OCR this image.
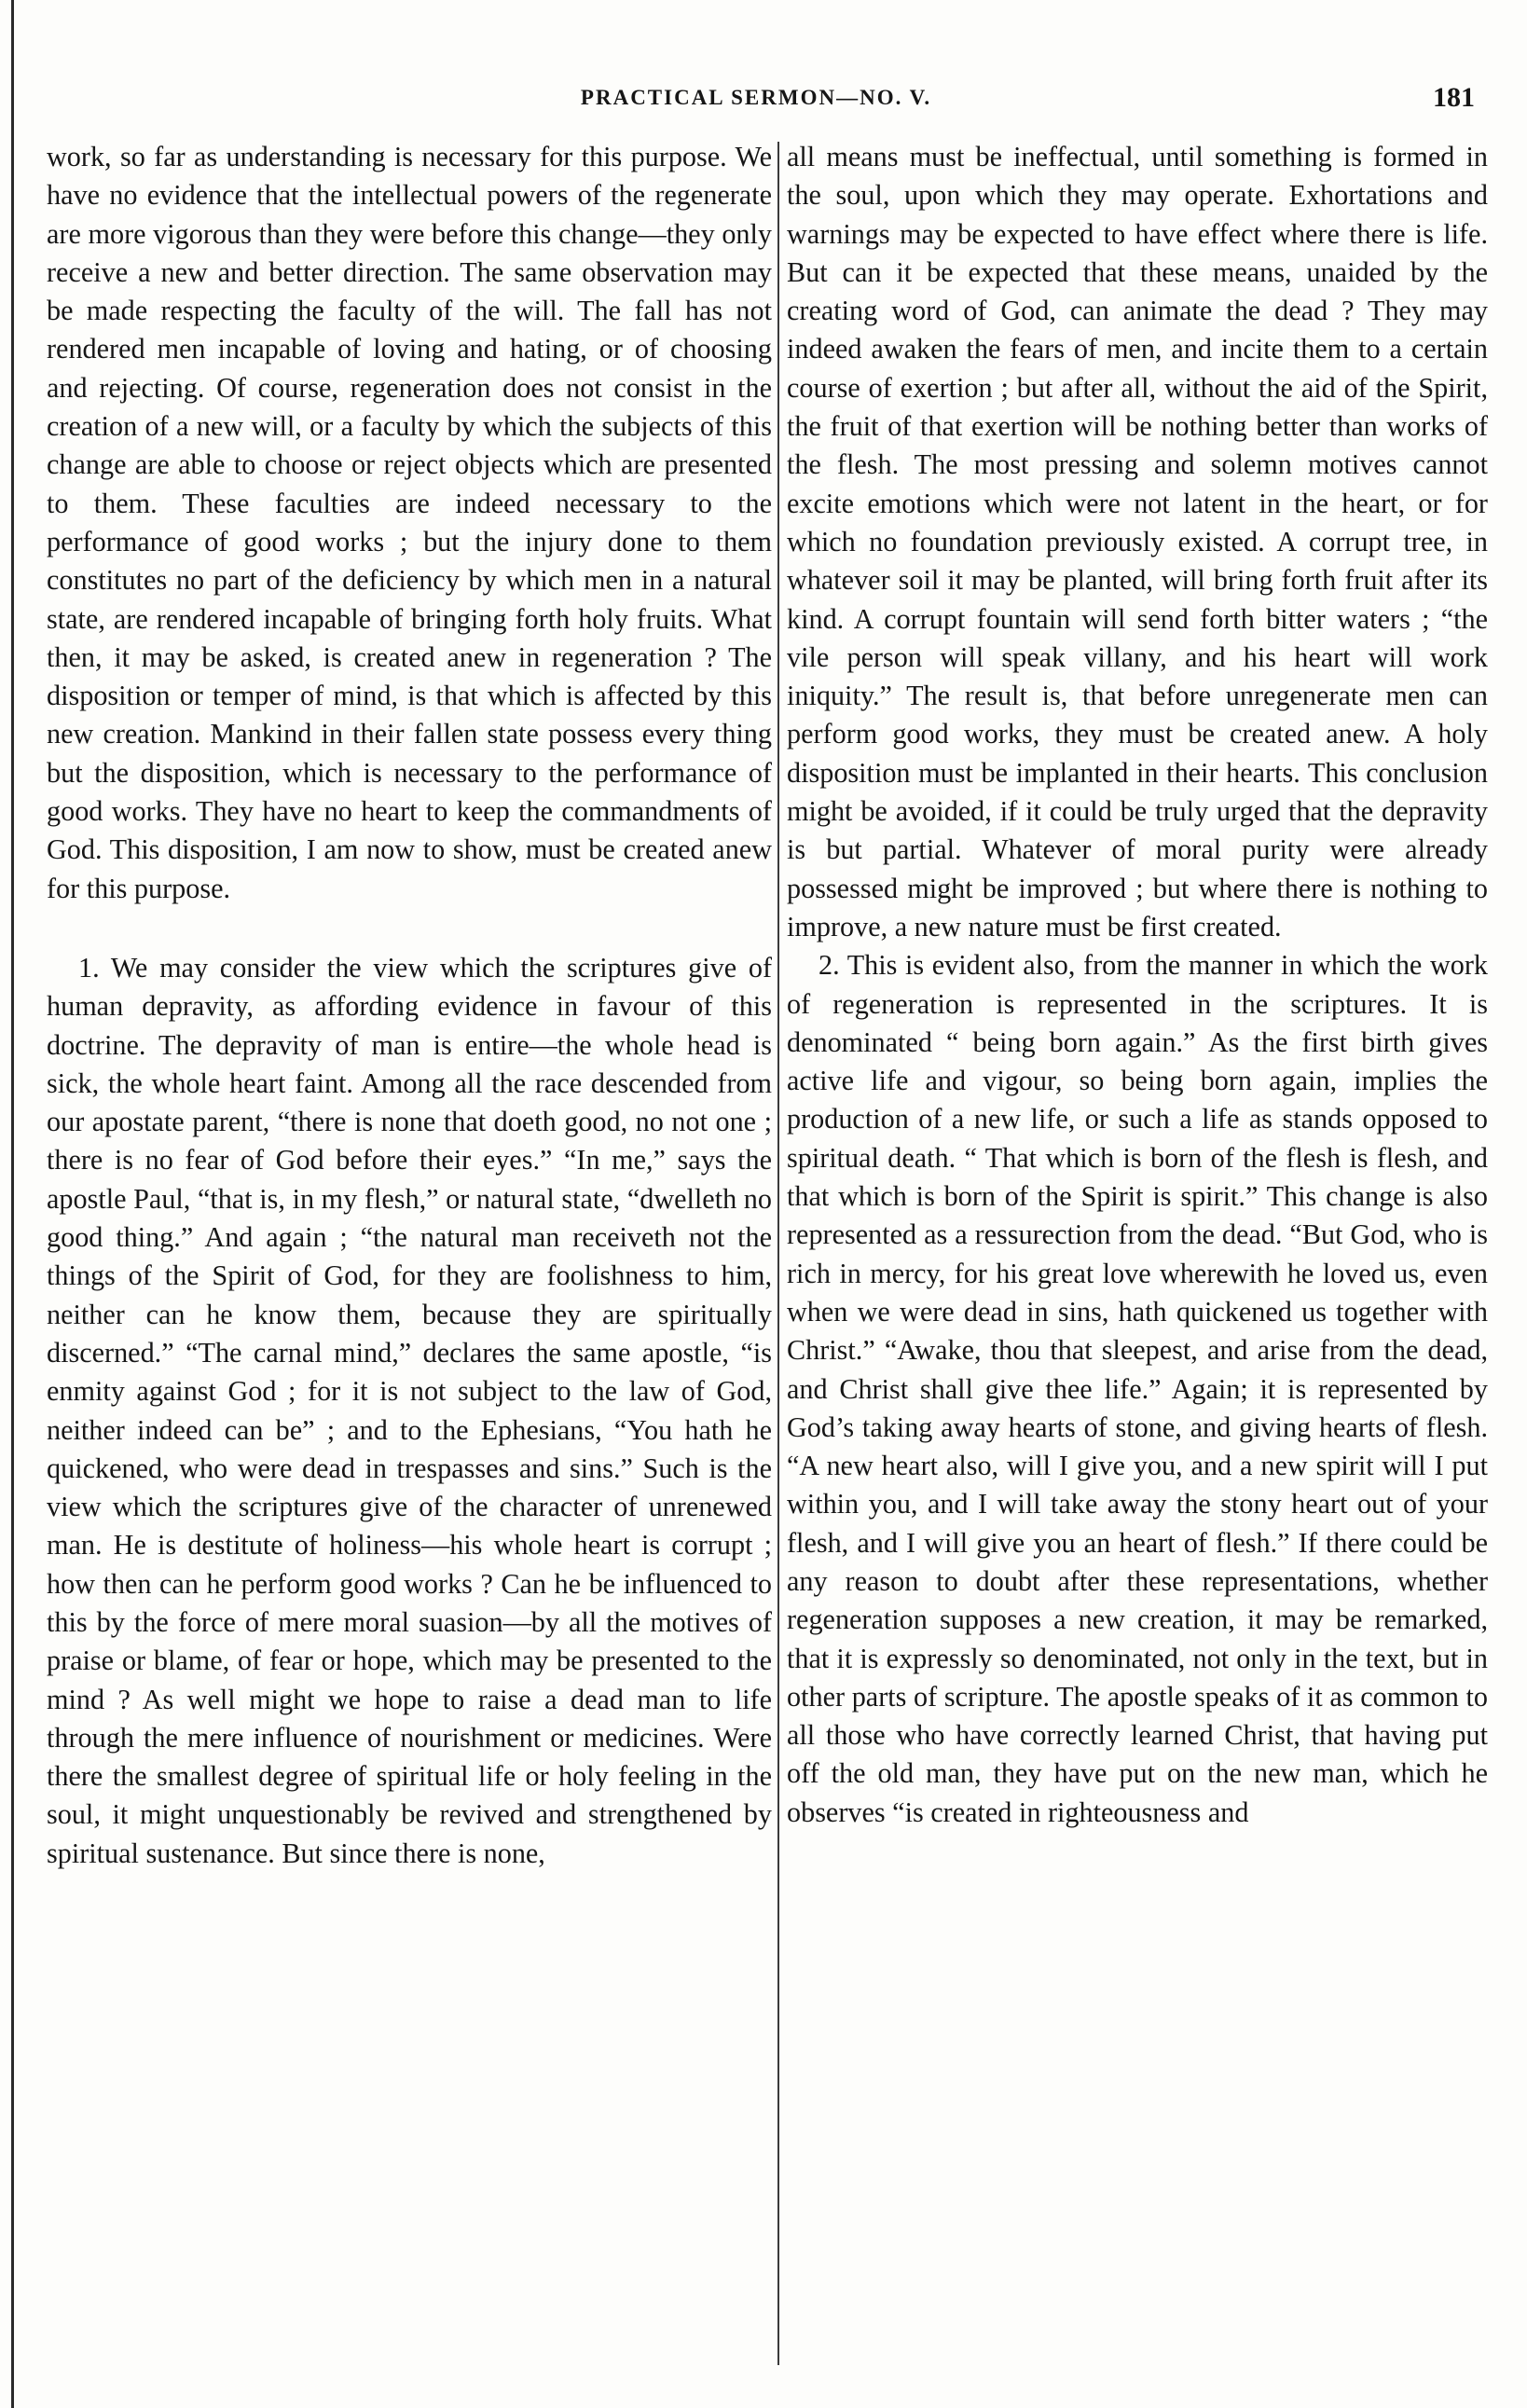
PRACTICAL SERMON—NO. V.	181

work, so far as understanding is necessary for this purpose. We have no evidence that the intellectual powers of the regenerate are more vigorous than they were before this change—they only receive a new and better direction. The same observation may be made respecting the faculty of the will. The fall has not rendered men incapable of loving and hating, or of choosing and rejecting. Of course, regeneration does not consist in the creation of a new will, or a faculty by which the subjects of this change are able to choose or reject objects which are presented to them. These faculties are indeed necessary to the performance of good works ; but the injury done to them constitutes no part of the deficiency by which men in a natural state, are rendered incapable of bringing forth holy fruits. What then, it may be asked, is created anew in regeneration ? The disposition or temper of mind, is that which is affected by this new creation. Mankind in their fallen state possess every thing but the disposition, which is necessary to the performance of good works. They have no heart to keep the commandments of God. This disposition, I am now to show, must be created anew for this purpose.

1. We may consider the view which the scriptures give of human depravity, as affording evidence in favour of this doctrine. The depravity of man is entire—the whole head is sick, the whole heart faint. Among all the race descended from our apostate parent, “there is none that doeth good, no not one ; there is no fear of God before their eyes.” “In me,” says the apostle Paul, “that is, in my flesh,” or natural state, “dwelleth no good thing.” And again ; “the natural man receiveth not the things of the Spirit of God, for they are foolishness to him, neither can he know them, because they are spiritually discerned.” “The carnal mind,” declares the same apostle, “is enmity against God ; for it is not subject to the law of God, neither indeed can be” ; and to the Ephesians, “You hath he quickened, who were dead in trespasses and sins.” Such is the view which the scriptures give of the character of unrenewed man. He is destitute of holiness—his whole heart is corrupt ; how then can he perform good works ? Can he be influenced to this by the force of mere moral suasion—by all the motives of praise or blame, of fear or hope, which may be presented to the mind ? As well might we hope to raise a dead man to life through the mere influence of nourishment or medicines. Were there the smallest degree of spiritual life or holy feeling in the soul, it might unquestionably be revived and strengthened by spiritual sustenance. But since there is none,

all means must be ineffectual, until something is formed in the soul, upon which they may operate. Exhortations and warnings may be expected to have effect where there is life. But can it be expected that these means, unaided by the creating word of God, can animate the dead ? They may indeed awaken the fears of men, and incite them to a certain course of exertion ; but after all, without the aid of the Spirit, the fruit of that exertion will be nothing better than works of the flesh. The most pressing and solemn motives cannot excite emotions which were not latent in the heart, or for which no foundation previously existed. A corrupt tree, in whatever soil it may be planted, will bring forth fruit after its kind. A corrupt fountain will send forth bitter waters ; “the vile person will speak villany, and his heart will work iniquity.” The result is, that before unregenerate men can perform good works, they must be created anew. A holy disposition must be implanted in their hearts. This conclusion might be avoided, if it could be truly urged that the depravity is but partial. Whatever of moral purity were already possessed might be improved ; but where there is nothing to improve, a new nature must be first created.

2. This is evident also, from the manner in which the work of regeneration is represented in the scriptures. It is denominated “ being born again.” As the first birth gives active life and vigour, so being born again, implies the production of a new life, or such a life as stands opposed to spiritual death. “ That which is born of the flesh is flesh, and that which is born of the Spirit is spirit.” This change is also represented as a ressurection from the dead. “But God, who is rich in mercy, for his great love wherewith he loved us, even when we were dead in sins, hath quickened us together with Christ.” “Awake, thou that sleepest, and arise from the dead, and Christ shall give thee life.” Again; it is represented by God’s taking away hearts of stone, and giving hearts of flesh. “A new heart also, will I give you, and a new spirit will I put within you, and I will take away the stony heart out of your flesh, and I will give you an heart of flesh.” If there could be any reason to doubt after these representations, whether regeneration supposes a new creation, it may be remarked, that it is expressly so denominated, not only in the text, but in other parts of scripture. The apostle speaks of it as common to all those who have correctly learned Christ, that having put off the old man, they have put on the new man, which he observes “is created in righteousness and
